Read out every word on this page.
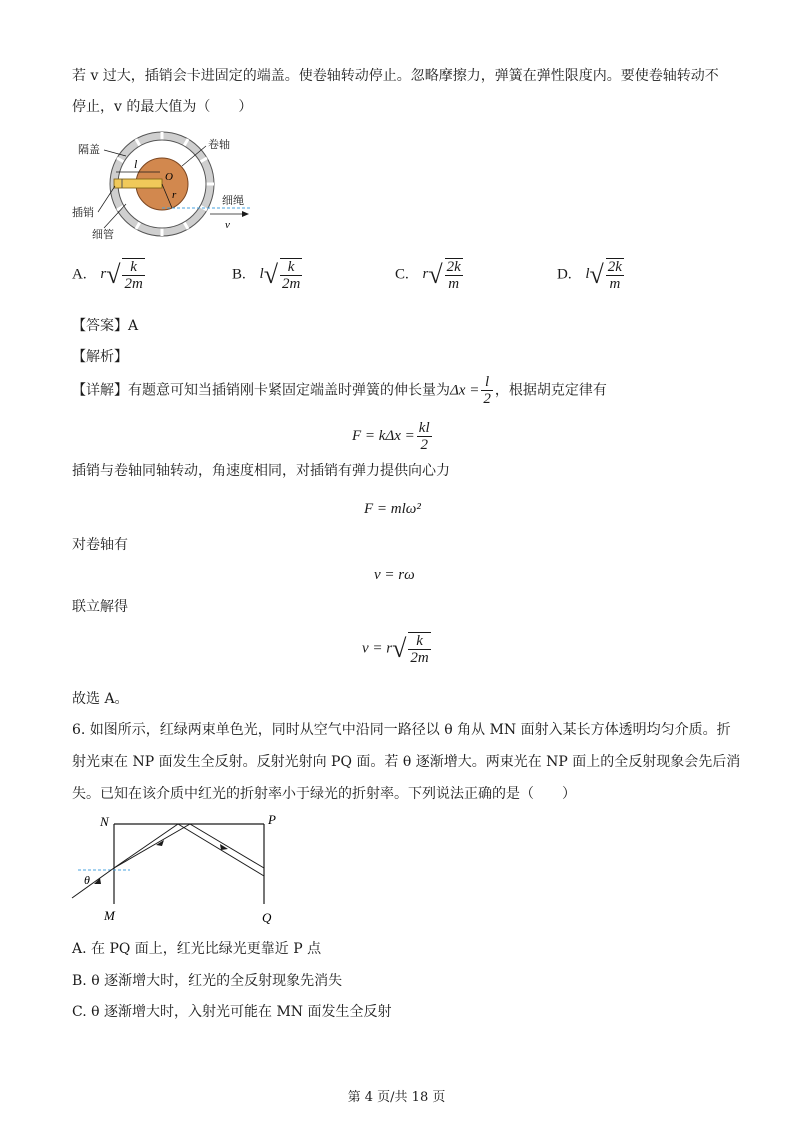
若 v 过大，插销会卡进固定的端盖。使卷轴转动停止。忽略摩擦力，弹簧在弹性限度内。要使卷轴转动不
停止，v 的最大值为（　　）
l
O
r
v
隔盖	卷轴
细绳
插销
细管
A. $r√ \frac{k}{2m}$	B. $l√ \frac{k}{2m}$	C. $r√ \frac{2k}{m}$	D. $l√ \frac{2k}{m}$
【答案】A
【解析】
【详解】有题意可知当插销刚卡紧固定端盖时弹簧的伸长量为$\Delta x = \frac{l}{2}$ ，根据胡克定律有
$F = k\Delta x = \frac{kl}{2}$
插销与卷轴同轴转动，角速度相同，对插销有弹力提供向心力
F = mlω²
对卷轴有
v = rω
联立解得
$v = r√ \frac{k}{2m}$
故选 A。
6. 如图所示，红绿两束单色光，同时从空气中沿同一路径以 θ 角从 MN 面射入某长方体透明均匀介质。折
射光束在 NP 面发生全反射。反射光射向 PQ 面。若 θ 逐渐增大。两束光在 NP 面上的全反射现象会先后消
失。已知在该介质中红光的折射率小于绿光的折射率。下列说法正确的是（　　）
N	P
M	Q
θ
A. 在 PQ 面上，红光比绿光更靠近 P 点
B. θ 逐渐增大时，红光的全反射现象先消失
C. θ 逐渐增大时，入射光可能在 MN 面发生全反射
第 4 页/共 18 页
